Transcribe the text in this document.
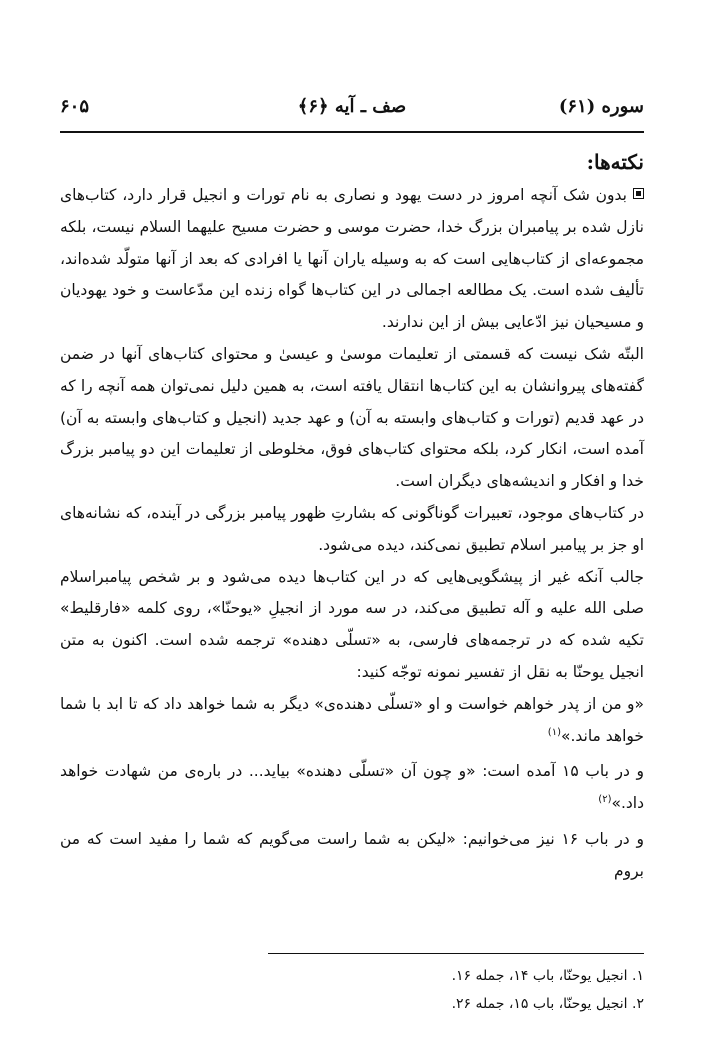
۶۰۵	صف ـ آیه ﴿۶﴾	سوره (۶۱)

نکته‌ها:

بدون شک آنچه امروز در دست یهود و نصاری به نام تورات و انجیل قرار دارد، کتاب‌های نازل شده بر پیامبران بزرگ خدا، حضرت موسی و حضرت مسیح علیهما السلام نیست، بلکه مجموعه‌ای از کتاب‌هایی است که به وسیله یاران آنها یا افرادی که بعد از آنها متولّد شده‌اند، تألیف شده است. یک مطالعه اجمالی در این کتاب‌ها گواه زنده این مدّعاست و خود یهودیان و مسیحیان نیز ادّعایی بیش از این ندارند.

البتّه شک نیست که قسمتی از تعلیمات موسیٰ و عیسیٰ و محتوای کتاب‌های آنها در ضمن گفته‌های پیروانشان به این کتاب‌ها انتقال یافته است، به همین دلیل نمی‌توان همه آنچه را که در عهد قدیم (تورات و کتاب‌های وابسته به آن) و عهد جدید (انجیل و کتاب‌های وابسته به آن) آمده است، انکار کرد، بلکه محتوای کتاب‌های فوق، مخلوطی از تعلیمات این دو پیامبر بزرگ خدا و افکار و اندیشه‌های دیگران است.

در کتاب‌های موجود، تعبیرات گوناگونی که بشارتِ ظهور پیامبر بزرگی در آینده، که نشانه‌های او جز بر پیامبر اسلام تطبیق نمی‌کند، دیده می‌شود.

جالب آنکه غیر از پیشگویی‌هایی که در این کتاب‌ها دیده می‌شود و بر شخص پیامبراسلام صلی الله علیه و آله تطبیق می‌کند، در سه مورد از انجیلِ «یوحنّا»، روی کلمه «فارقلیط» تکیه شده که در ترجمه‌های فارسی، به «تسلّی دهنده» ترجمه شده است. اکنون به متن انجیل یوحنّا به نقل از تفسیر نمونه توجّه کنید:

«و من از پدر خواهم خواست و او «تسلّی دهنده‌ی» دیگر به شما خواهد داد که تا ابد با شما خواهد ماند.»$^{(۱)}$

و در باب ۱۵ آمده است: «و چون آن «تسلّی دهنده» بیاید... در باره‌ی من شهادت خواهد داد.»$^{(۲)}$

و در باب ۱۶ نیز می‌خوانیم: «لیکن به شما راست می‌گویم که شما را مفید است که من بروم

۱. انجیل یوحنّا، باب ۱۴، جمله ۱۶.

۲. انجیل یوحنّا، باب ۱۵، جمله ۲۶.
